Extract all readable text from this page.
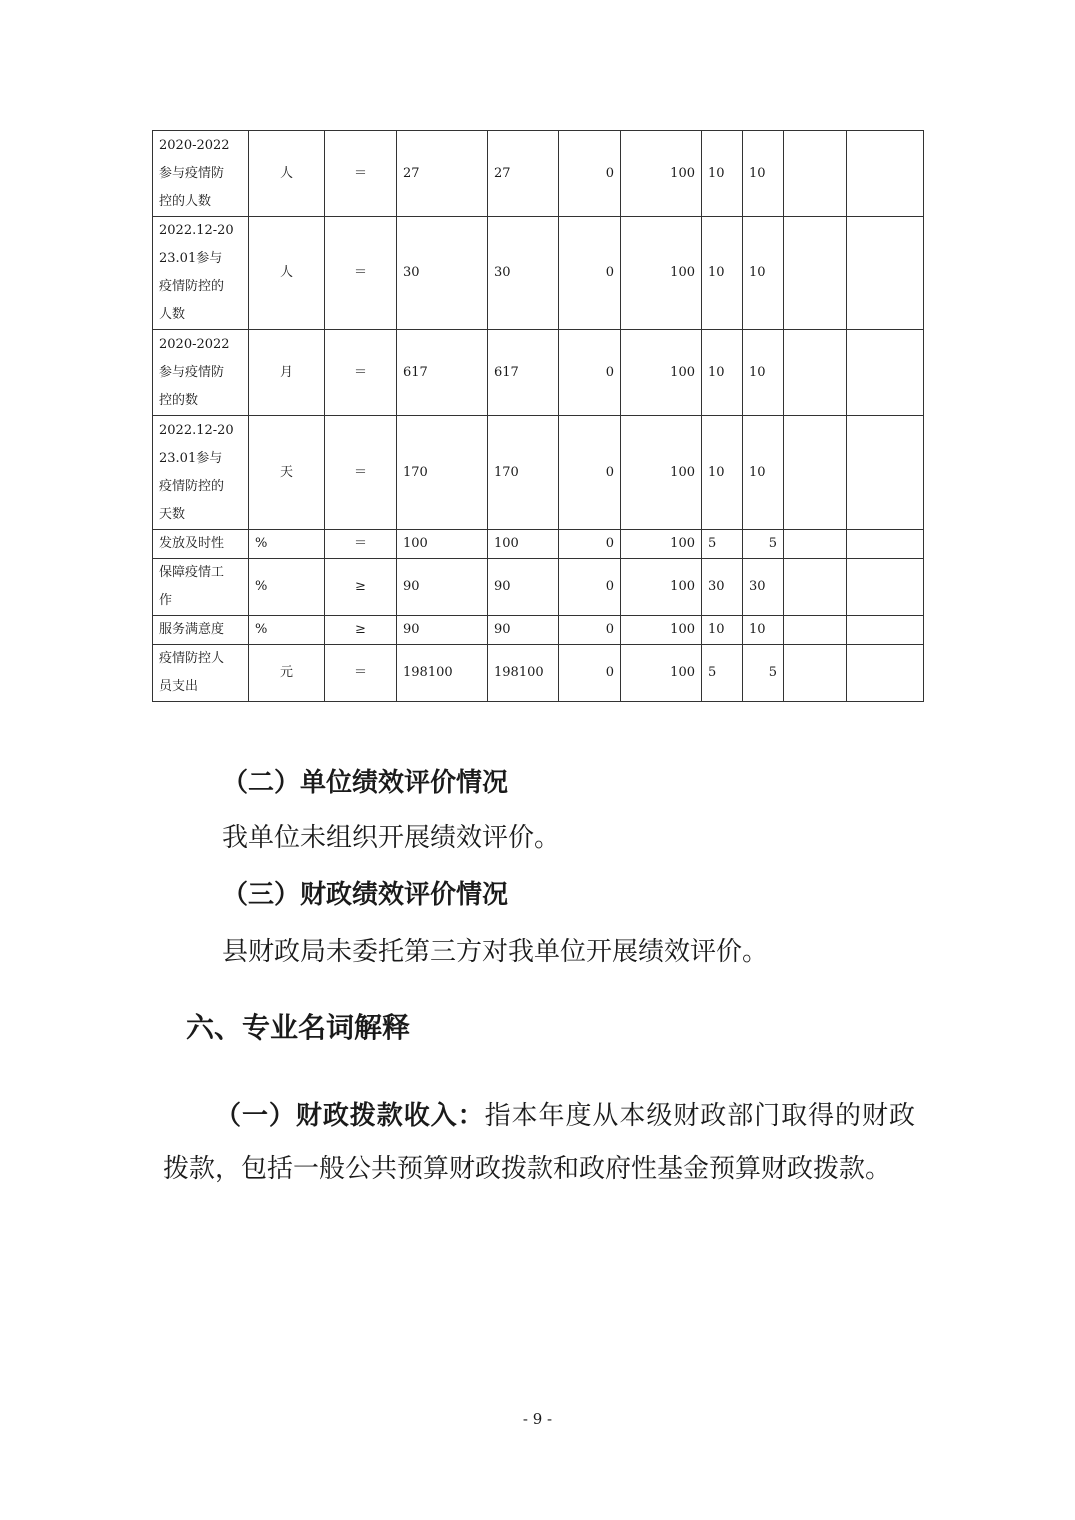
2020-2022
参与疫情防
控的人数	人	＝	27	27	0	100	10	10		
2022.12-20
23.01参与
疫情防控的
人数	人	＝	30	30	0	100	10	10		
2020-2022
参与疫情防
控的数	月	＝	617	617	0	100	10	10		
2022.12-20
23.01参与
疫情防控的
天数	天	＝	170	170	0	100	10	10		
发放及时性	%	＝	100	100	0	100	5	5		
保障疫情工
作	%	≥	90	90	0	100	30	30		
服务满意度	%	≥	90	90	0	100	10	10		
疫情防控人
员支出	元	＝	198100	198100	0	100	5	5		

（二）单位绩效评价情况

我单位未组织开展绩效评价。

（三）财政绩效评价情况

县财政局未委托第三方对我单位开展绩效评价。

六、专业名词解释

（一）财政拨款收入：指本年度从本级财政部门取得的财政拨款，包括一般公共预算财政拨款和政府性基金预算财政拨款。

- 9 -
